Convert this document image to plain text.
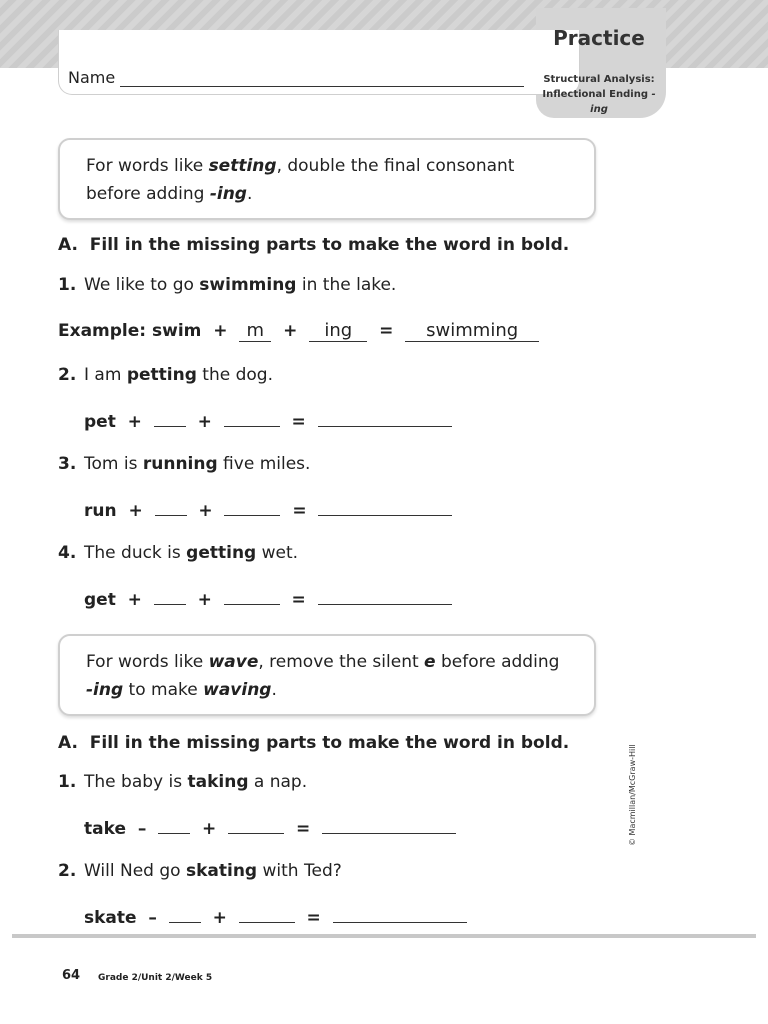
Name
Practice
Structural Analysis:
Inflectional Ending -ing
For words like setting, double the final consonant
before adding -ing.
A. Fill in the missing parts to make the word in bold.
1. We like to go swimming in the lake.
Example: swim + m + ing = swimming
2. I am petting the dog.
pet +	+	=
3. Tom is running five miles.
run +	+	=
4. The duck is getting wet.
get +	+	=
For words like wave, remove the silent e before adding
-ing to make waving.
A. Fill in the missing parts to make the word in bold.
1. The baby is taking a nap.
take –	+	=
2. Will Ned go skating with Ted?
skate –	+	=
© Macmillan/McGraw-Hill
64 Grade 2/Unit 2/Week 5
